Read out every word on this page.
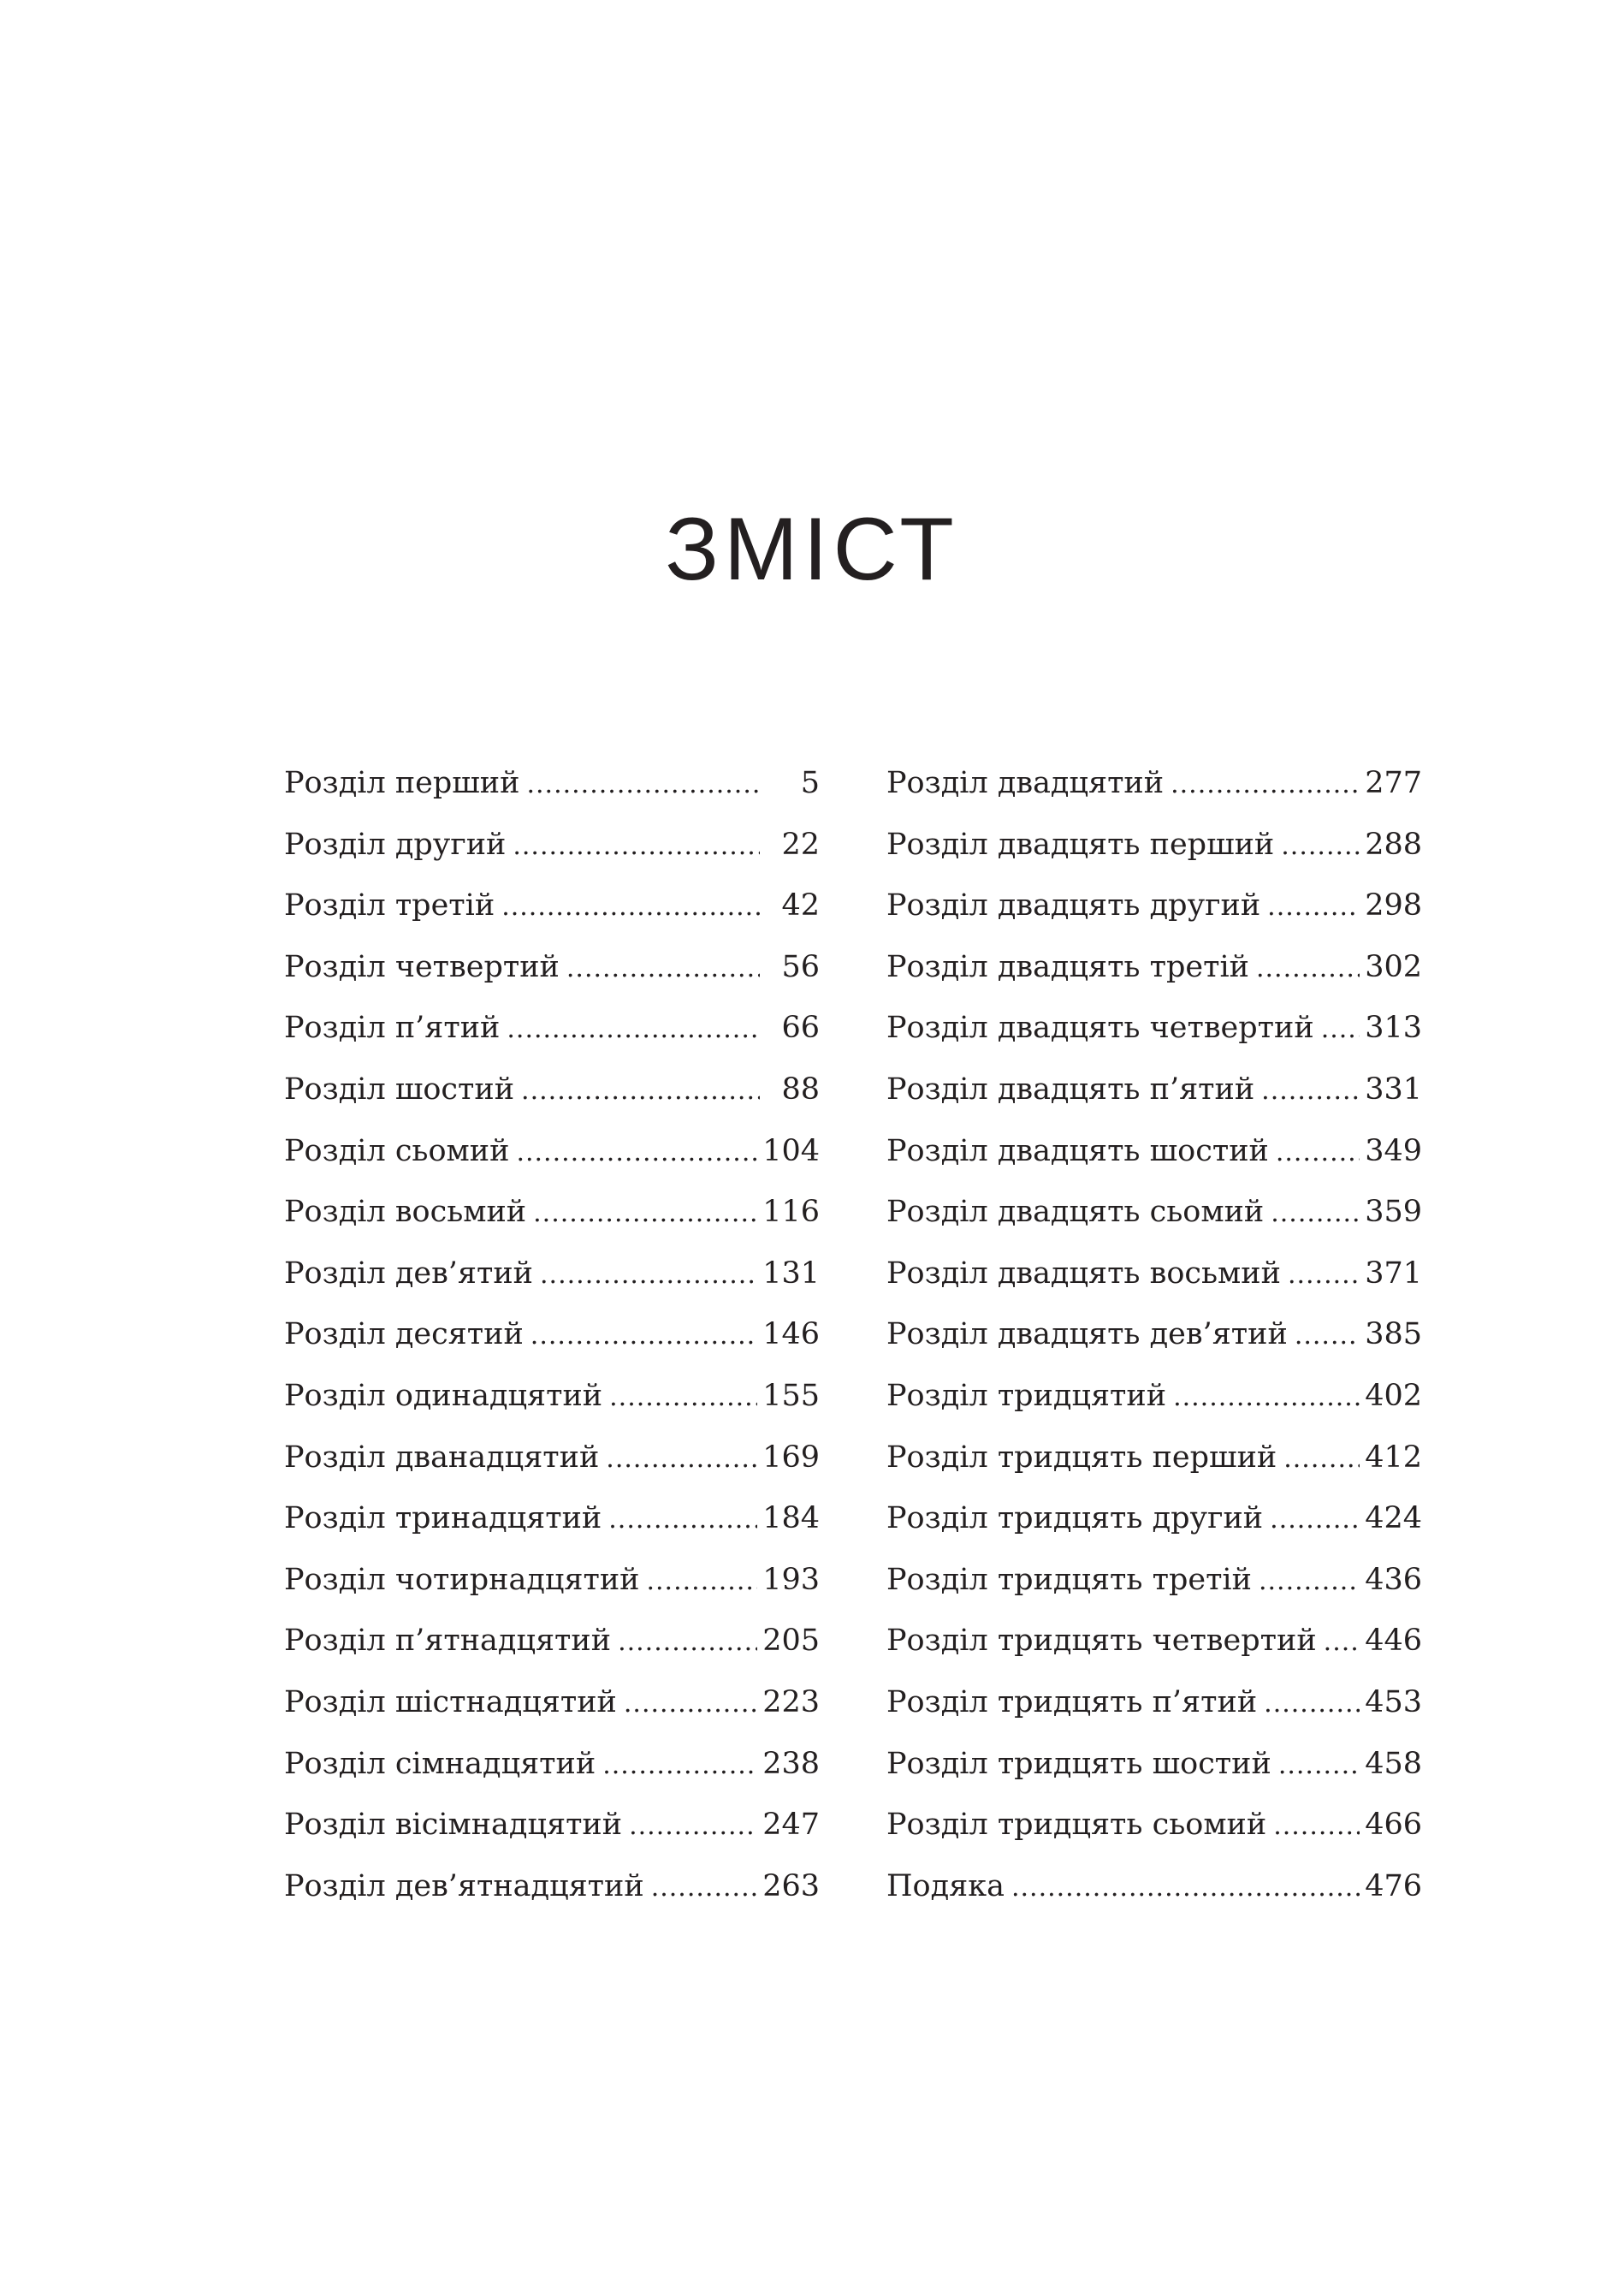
ЗМІСТ
Розділ перший .....	5
Розділ другий .....	22
Розділ третій .....	42
Розділ четвертий .....	56
Розділ п’ятий .....	66
Розділ шостий .....	88
Розділ сьомий .....	104
Розділ восьмий .....	116
Розділ дев’ятий .....	131
Розділ десятий .....	146
Розділ одинадцятий .....	155
Розділ дванадцятий .....	169
Розділ тринадцятий .....	184
Розділ чотирнадцятий .....	193
Розділ п’ятнадцятий .....	205
Розділ шістнадцятий .....	223
Розділ сімнадцятий .....	238
Розділ вісімнадцятий .....	247
Розділ дев’ятнадцятий .....	263
Розділ двадцятий .....	277
Розділ двадцять перший .....	288
Розділ двадцять другий .....	298
Розділ двадцять третій .....	302
Розділ двадцять четвертий ..... 313
Розділ двадцять п’ятий .....	331
Розділ двадцять шостий .....	349
Розділ двадцять сьомий .....	359
Розділ двадцять восьмий .....	371
Розділ двадцять дев’ятий .....	385
Розділ тридцятий .....	402
Розділ тридцять перший .....	412
Розділ тридцять другий .....	424
Розділ тридцять третій .....	436
Розділ тридцять четвертий ..... 446
Розділ тридцять п’ятий .....	453
Розділ тридцять шостий .....	458
Розділ тридцять сьомий .....	466
Подяка .....	476
